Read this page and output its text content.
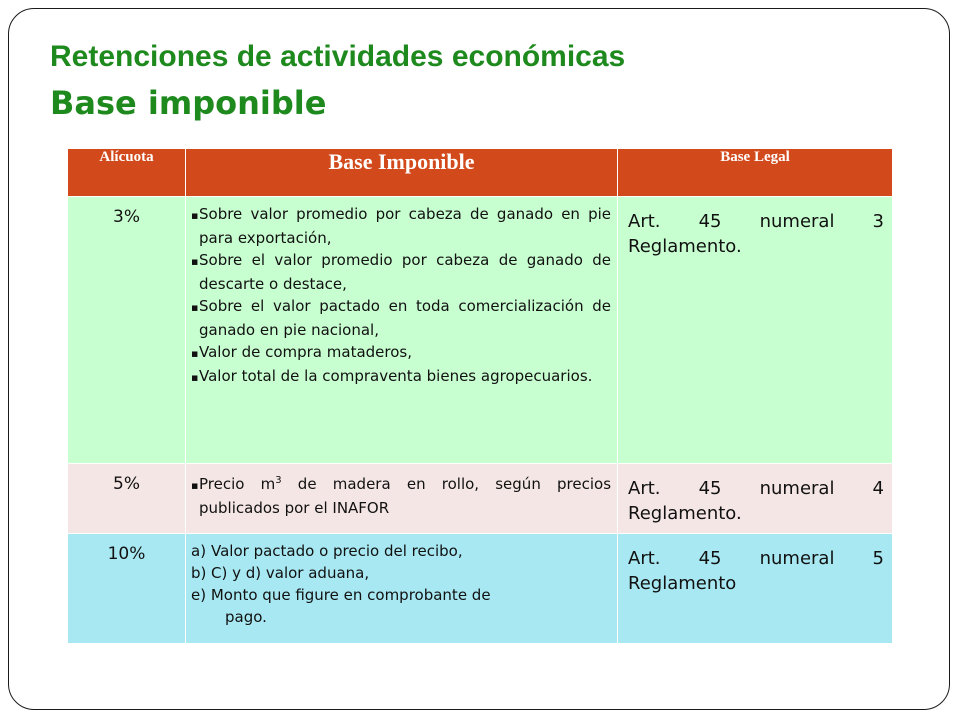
Retenciones de actividades económicas
Base imponible
Alícuota	Base Imponible	Base Legal
3%	▪ Sobre valor promedio por cabeza de ganado en pie para exportación,
▪ Sobre el valor promedio por cabeza de ganado de descarte o destace,
▪ Sobre el valor pactado en toda comercialización de ganado en pie nacional,
▪ Valor de compra mataderos,
▪ Valor total de la compraventa bienes agropecuarios.	Art. 45 numeral 3 Reglamento.
5%	▪ Precio $m^3$ de madera en rollo, según precios publicados por el INAFOR	Art. 45 numeral 4 Reglamento.
10%	a) Valor pactado o precio del recibo,
b) C) y d) valor aduana,
e) Monto que figure en comprobante de
pago.	Art. 45 numeral 5 Reglamento
